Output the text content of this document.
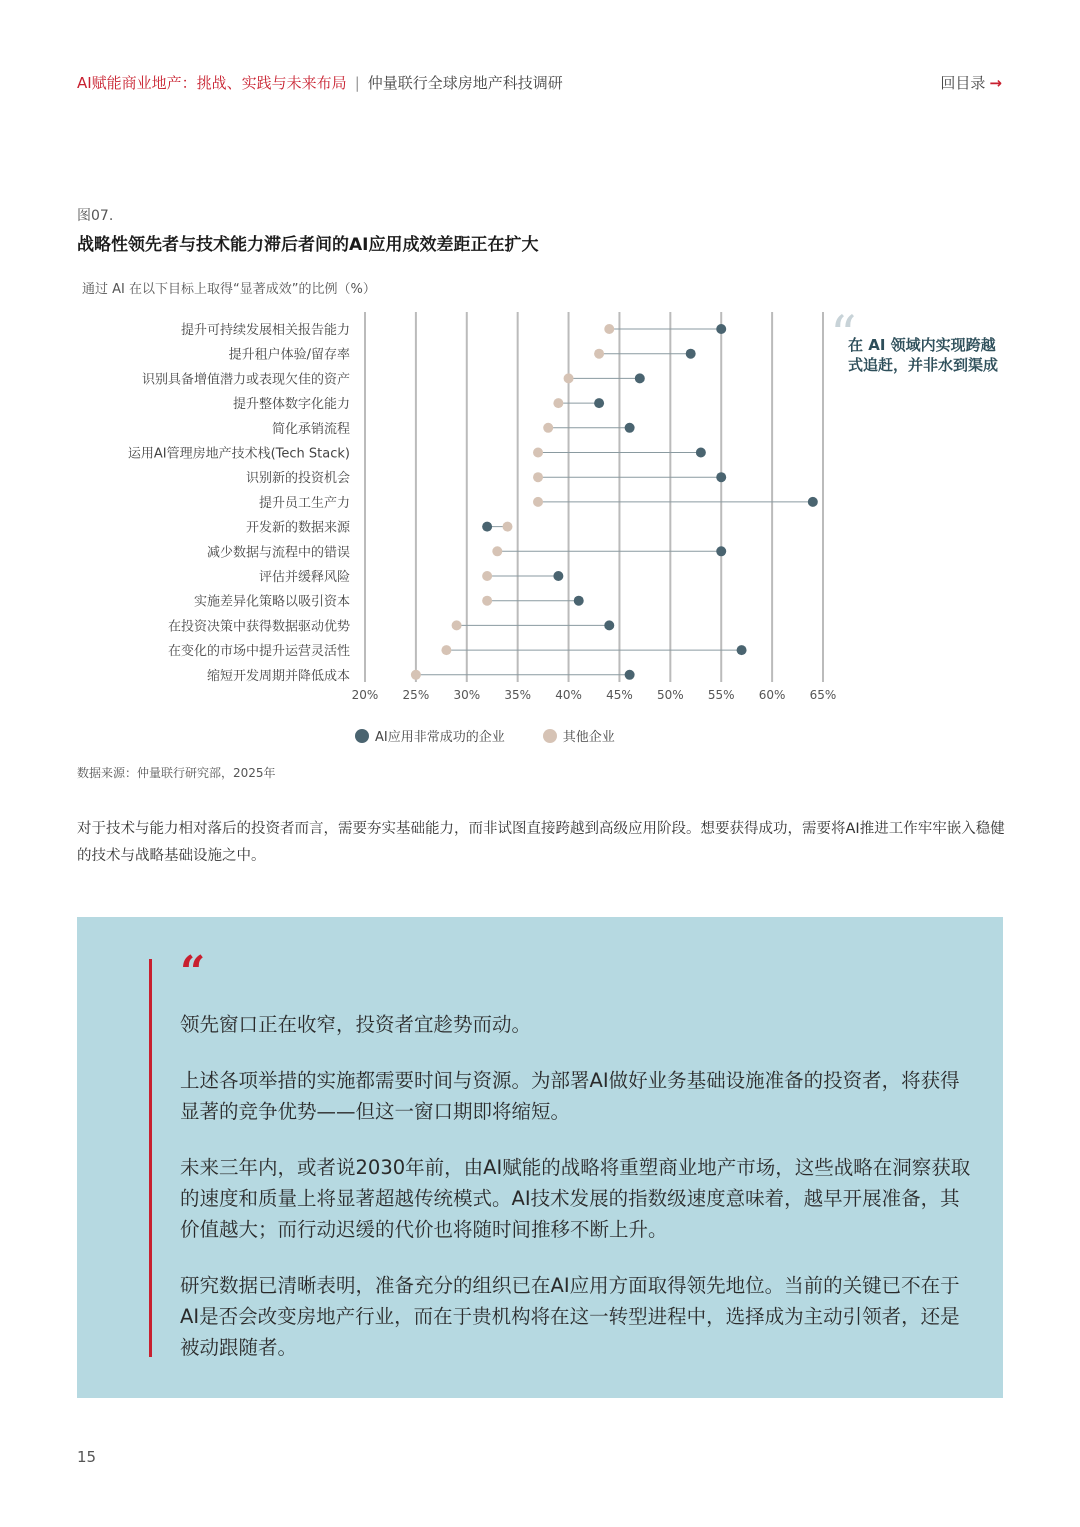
AI赋能商业地产：挑战、实践与未来布局 | 仲量联行全球房地产科技调研	回目录 →
图07.
战略性领先者与技术能力滞后者间的AI应用成效差距正在扩大
通过 AI 在以下目标上取得“显著成效”的比例（%）
20% 25% 30% 35% 40% 45% 50% 55% 60% 65%
提升可持续发展相关报告能力
提升租户体验/留存率
识别具备增值潜力或表现欠佳的资产
提升整体数字化能力
简化承销流程
运用AI管理房地产技术栈(Tech Stack)
识别新的投资机会
提升员工生产力
开发新的数据来源
减少数据与流程中的错误
评估并缓释风险
实施差异化策略以吸引资本
在投资决策中获得数据驱动优势
在变化的市场中提升运营灵活性
缩短开发周期并降低成本
“
在 AI 领域内实现跨越式追赶，并非水到渠成
AI应用非常成功的企业	其他企业
数据来源：仲量联行研究部，2025年
对于技术与能力相对落后的投资者而言，需要夯实基础能力，而非试图直接跨越到高级应用阶段。想要获得成功，需要将AI推进工作牢牢嵌入稳健的技术与战略基础设施之中。
“

领先窗口正在收窄，投资者宜趁势而动。

上述各项举措的实施都需要时间与资源。为部署AI做好业务基础设施准备的投资者，将获得显著的竞争优势——但这一窗口期即将缩短。

未来三年内，或者说2030年前，由AI赋能的战略将重塑商业地产市场，这些战略在洞察获取的速度和质量上将显著超越传统模式。AI技术发展的指数级速度意味着，越早开展准备，其价值越大；而行动迟缓的代价也将随时间推移不断上升。

研究数据已清晰表明，准备充分的组织已在AI应用方面取得领先地位。当前的关键已不在于AI是否会改变房地产行业，而在于贵机构将在这一转型进程中，选择成为主动引领者，还是被动跟随者。

15
